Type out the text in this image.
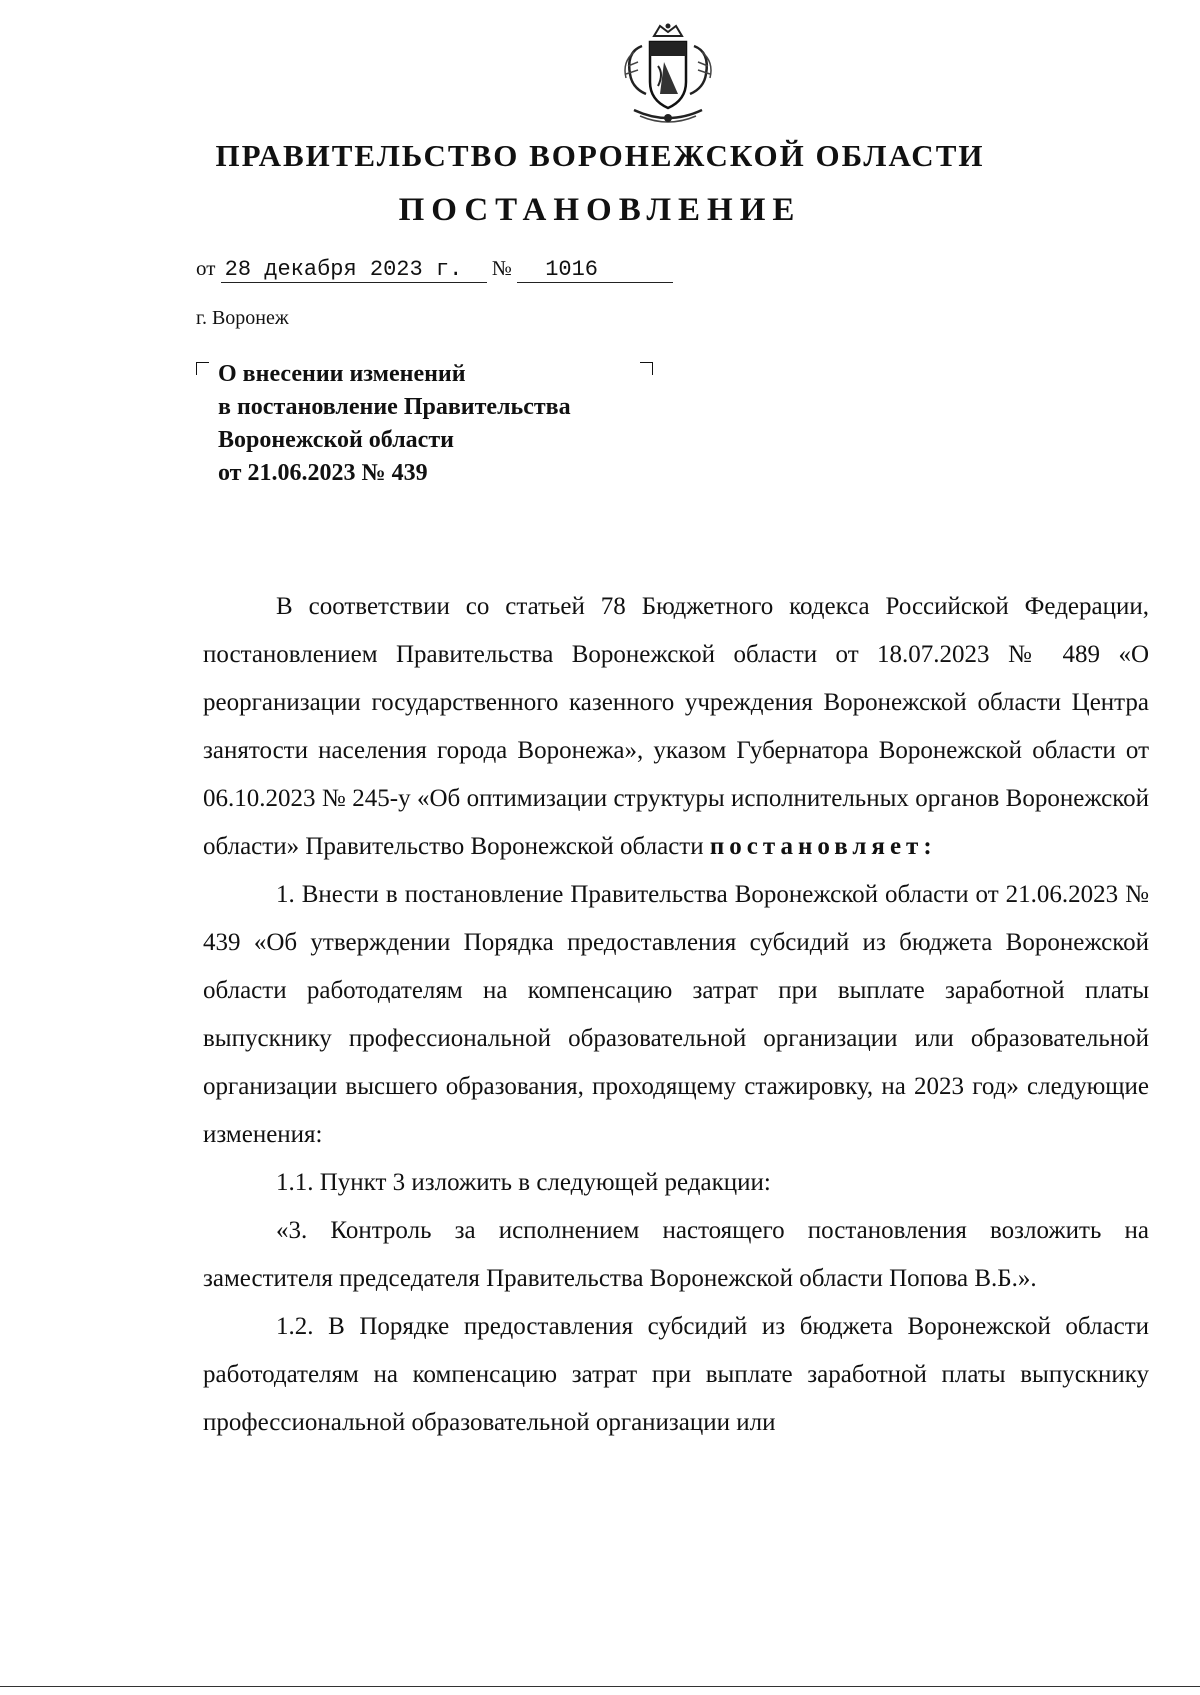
ПРАВИТЕЛЬСТВО ВОРОНЕЖСКОЙ ОБЛАСТИ
ПОСТАНОВЛЕНИЕ
от 28 декабря 2023 г. № 1016
г. Воронеж
О внесении изменений
в постановление Правительства
Воронежской области
от 21.06.2023 № 439

В соответствии со статьей 78 Бюджетного кодекса Российской Федерации, постановлением Правительства Воронежской области от 18.07.2023 № 489 «О реорганизации государственного казенного учреждения Воронежской области Центра занятости населения города Воронежа», указом Губернатора Воронежской области от 06.10.2023 № 245-у «Об оптимизации структуры исполнительных органов Воронежской области» Правительство Воронежской области постановляет:

1. Внести в постановление Правительства Воронежской области от 21.06.2023 № 439 «Об утверждении Порядка предоставления субсидий из бюджета Воронежской области работодателям на компенсацию затрат при выплате заработной платы выпускнику профессиональной образовательной организации или образовательной организации высшего образования, проходящему стажировку, на 2023 год» следующие изменения:

1.1. Пункт 3 изложить в следующей редакции:

«3. Контроль за исполнением настоящего постановления возложить на заместителя председателя Правительства Воронежской области Попова В.Б.».

1.2. В Порядке предоставления субсидий из бюджета Воронежской области работодателям на компенсацию затрат при выплате заработной платы выпускнику профессиональной образовательной организации или
